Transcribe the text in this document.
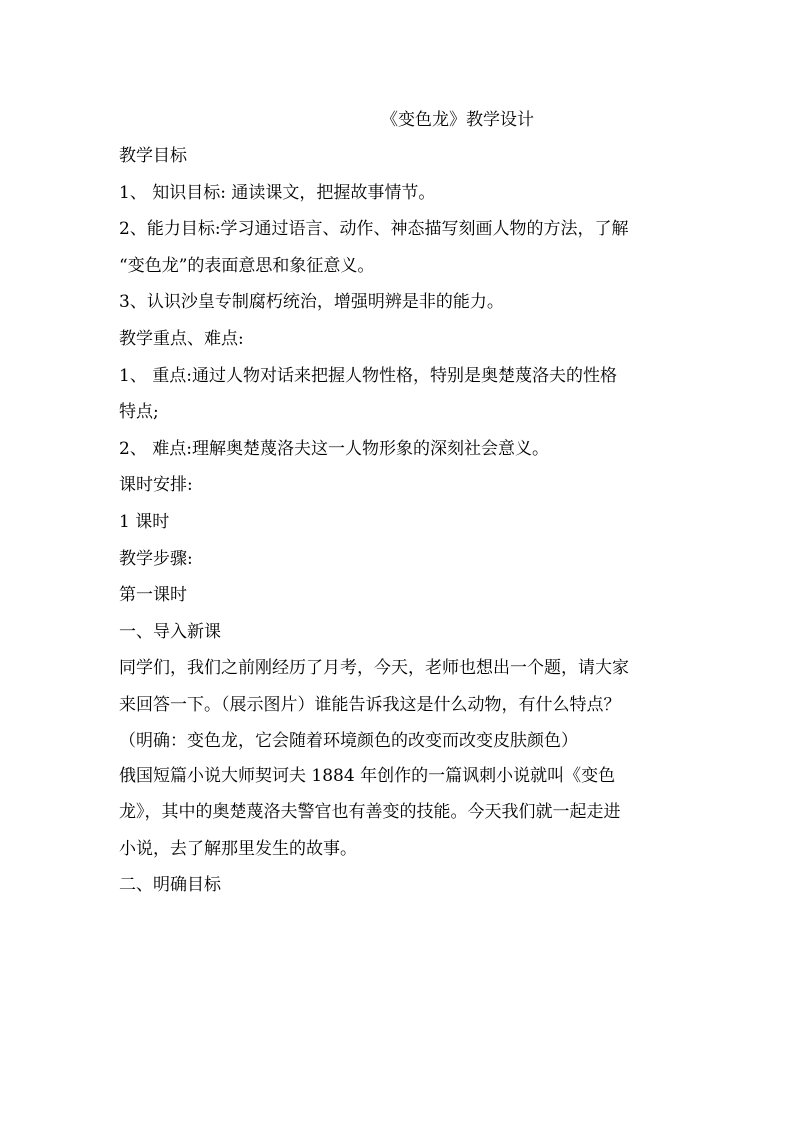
《变色龙》教学设计

教学目标

1、 知识目标: 通读课文，把握故事情节。

2、能力目标:学习通过语言、动作、神态描写刻画人物的方法，了解

“变色龙”的表面意思和象征意义。

3、认识沙皇专制腐朽统治，增强明辨是非的能力。

教学重点、难点:

1、 重点:通过人物对话来把握人物性格，特别是奥楚蔑洛夫的性格

特点;

2、 难点:理解奥楚蔑洛夫这一人物形象的深刻社会意义。

课时安排:

1 课时

教学步骤:

第一课时

一、导入新课

同学们，我们之前刚经历了月考，今天，老师也想出一个题，请大家

来回答一下。（展示图片）谁能告诉我这是什么动物，有什么特点？

（明确：变色龙，它会随着环境颜色的改变而改变皮肤颜色）

俄国短篇小说大师契诃夫 1884 年创作的一篇讽刺小说就叫《变色

龙》，其中的奥楚蔑洛夫警官也有善变的技能。今天我们就一起走进

小说，去了解那里发生的故事。

二、明确目标
